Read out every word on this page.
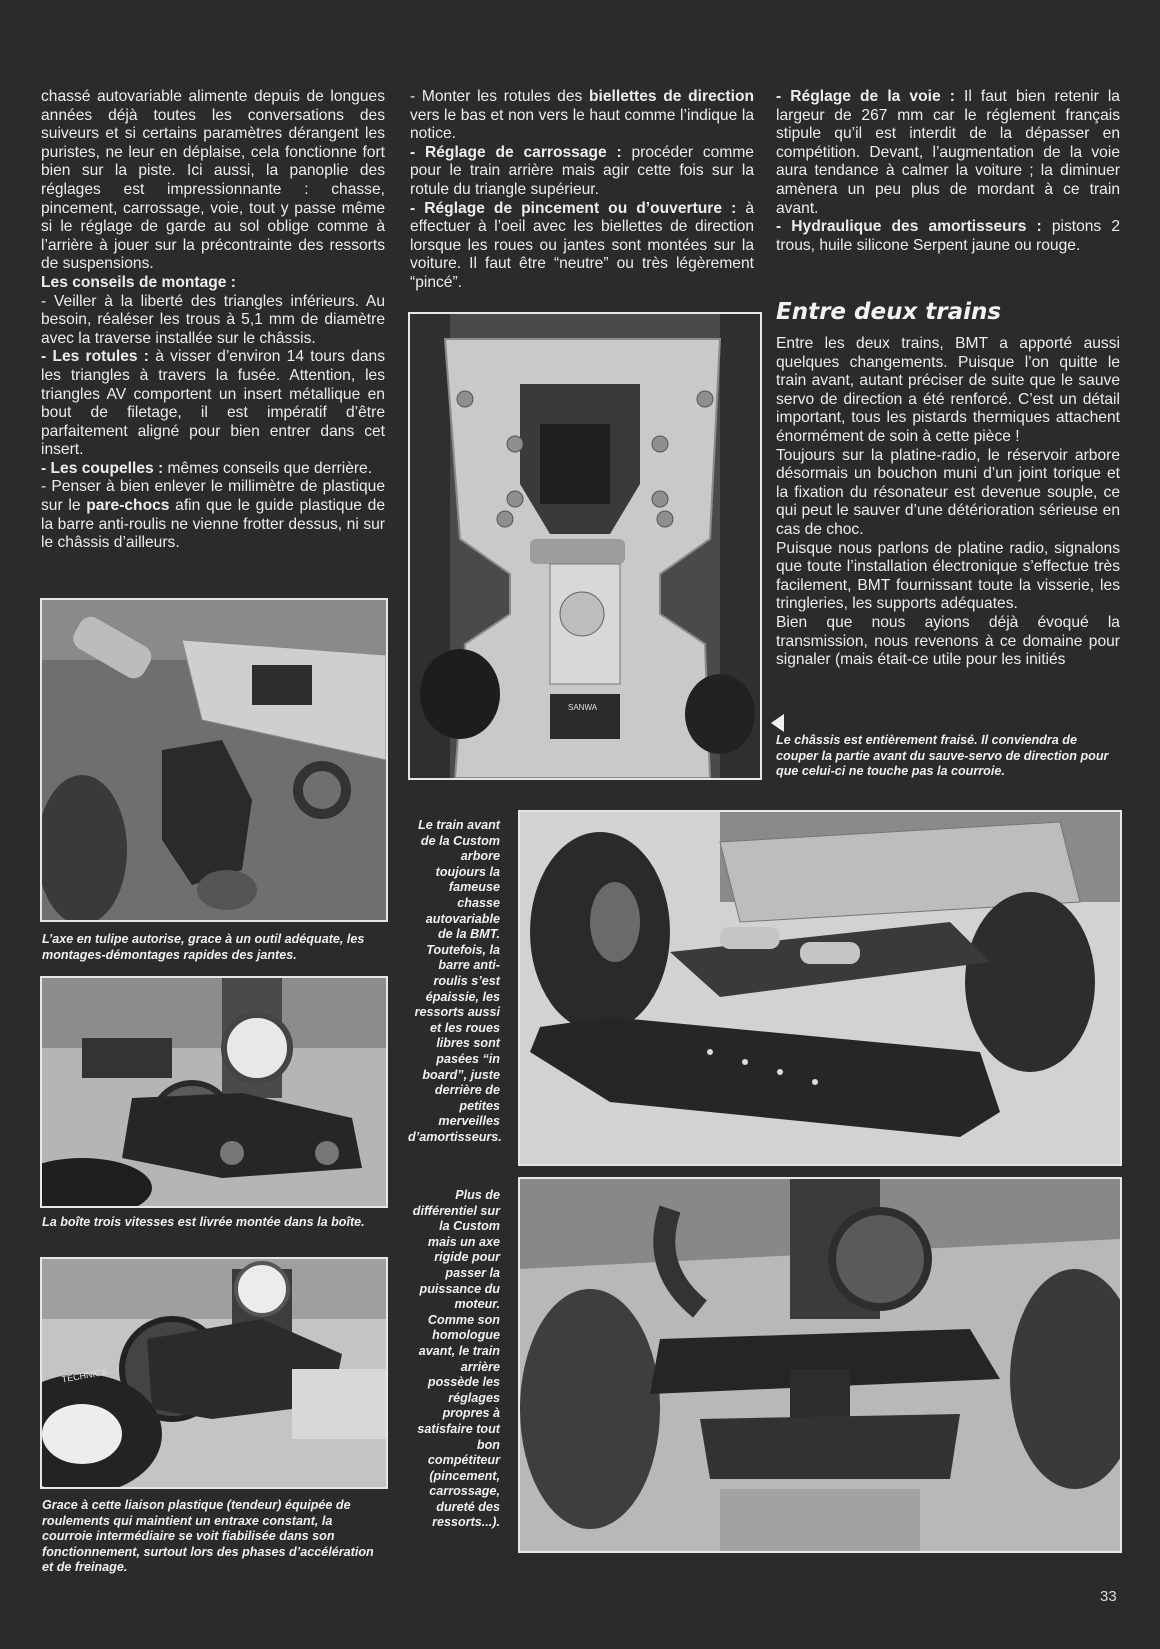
chassé autovariable alimente depuis de longues années déjà toutes les conversations des suiveurs et si certains paramètres dérangent les puristes, ne leur en déplaise, cela fonctionne fort bien sur la piste. Ici aussi, la panoplie des réglages est impressionnante : chasse, pincement, carrossage, voie, tout y passe même si le réglage de garde au sol oblige comme à l’arrière à jouer sur la précontrainte des ressorts de suspensions.

Les conseils de montage :

- Veiller à la liberté des triangles inférieurs. Au besoin, réaléser les trous à 5,1 mm de diamètre avec la traverse installée sur le châssis.

- Les rotules : à visser d’environ 14 tours dans les triangles à travers la fusée. Attention, les triangles AV comportent un insert métallique en bout de filetage, il est impératif d’être parfaitement aligné pour bien entrer dans cet insert.

- Les coupelles : mêmes conseils que derrière.

- Penser à bien enlever le millimètre de plastique sur le pare-chocs afin que le guide plastique de la barre anti-roulis ne vienne frotter dessus, ni sur le châssis d’ailleurs.

- Monter les rotules des biellettes de direction vers le bas et non vers le haut comme l’indique la notice.

- Réglage de carrossage : procéder comme pour le train arrière mais agir cette fois sur la rotule du triangle supérieur.

- Réglage de pincement ou d’ouverture : à effectuer à l’oeil avec les biellettes de direction lorsque les roues ou jantes sont montées sur la voiture. Il faut être “neutre” ou très légèrement “pincé”.

- Réglage de la voie : Il faut bien retenir la largeur de 267 mm car le réglement français stipule qu’il est interdit de la dépasser en compétition. Devant, l’augmentation de la voie aura tendance à calmer la voiture ; la diminuer amènera un peu plus de mordant à ce train avant.

- Hydraulique des amortisseurs : pistons 2 trous, huile silicone Serpent jaune ou rouge.

Entre deux trains

Entre les deux trains, BMT a apporté aussi quelques changements. Puisque l’on quitte le train avant, autant préciser de suite que le sauve servo de direction a été renforcé. C’est un détail important, tous les pistards thermiques attachent énormément de soin à cette pièce !

Toujours sur la platine-radio, le réservoir arbore désormais un bouchon muni d’un joint torique et la fixation du résonateur est devenue souple, ce qui peut le sauver d’une détérioration sérieuse en cas de choc.

Puisque nous parlons de platine radio, signalons que toute l’installation électronique s’effectue très facilement, BMT fournissant toute la visserie, les tringleries, les supports adéquates.

Bien que nous ayions déjà évoqué la transmission, nous revenons à ce domaine pour signaler (mais était-ce utile pour les initiés

SANWA

Le châssis est entièrement fraisé. Il conviendra de couper la partie avant du sauve-servo de direction pour que celui-ci ne touche pas la courroie.

L’axe en tulipe autorise, grace à un outil adéquate, les montages-démontages rapides des jantes.

La boîte trois vitesses est livrée montée dans la boîte.

TECHNICS

Grace à cette liaison plastique (tendeur) équipée de roulements qui maintient un entraxe constant, la courroie intermédiaire se voit fiabilisée dans son fonctionnement, surtout lors des phases d’accélération et de freinage.

Le train avant de la Custom arbore toujours la fameuse chasse autovariable de la BMT. Toutefois, la barre anti-roulis s’est épaissie, les ressorts aussi et les roues libres sont pasées “in board”, juste derrière de petites merveilles d’amortisseurs.

Plus de différentiel sur la Custom mais un axe rigide pour passer la puissance du moteur. Comme son homologue avant, le train arrière possède les réglages propres à satisfaire tout bon compétiteur (pincement, carrossage, dureté des ressorts...).

33
